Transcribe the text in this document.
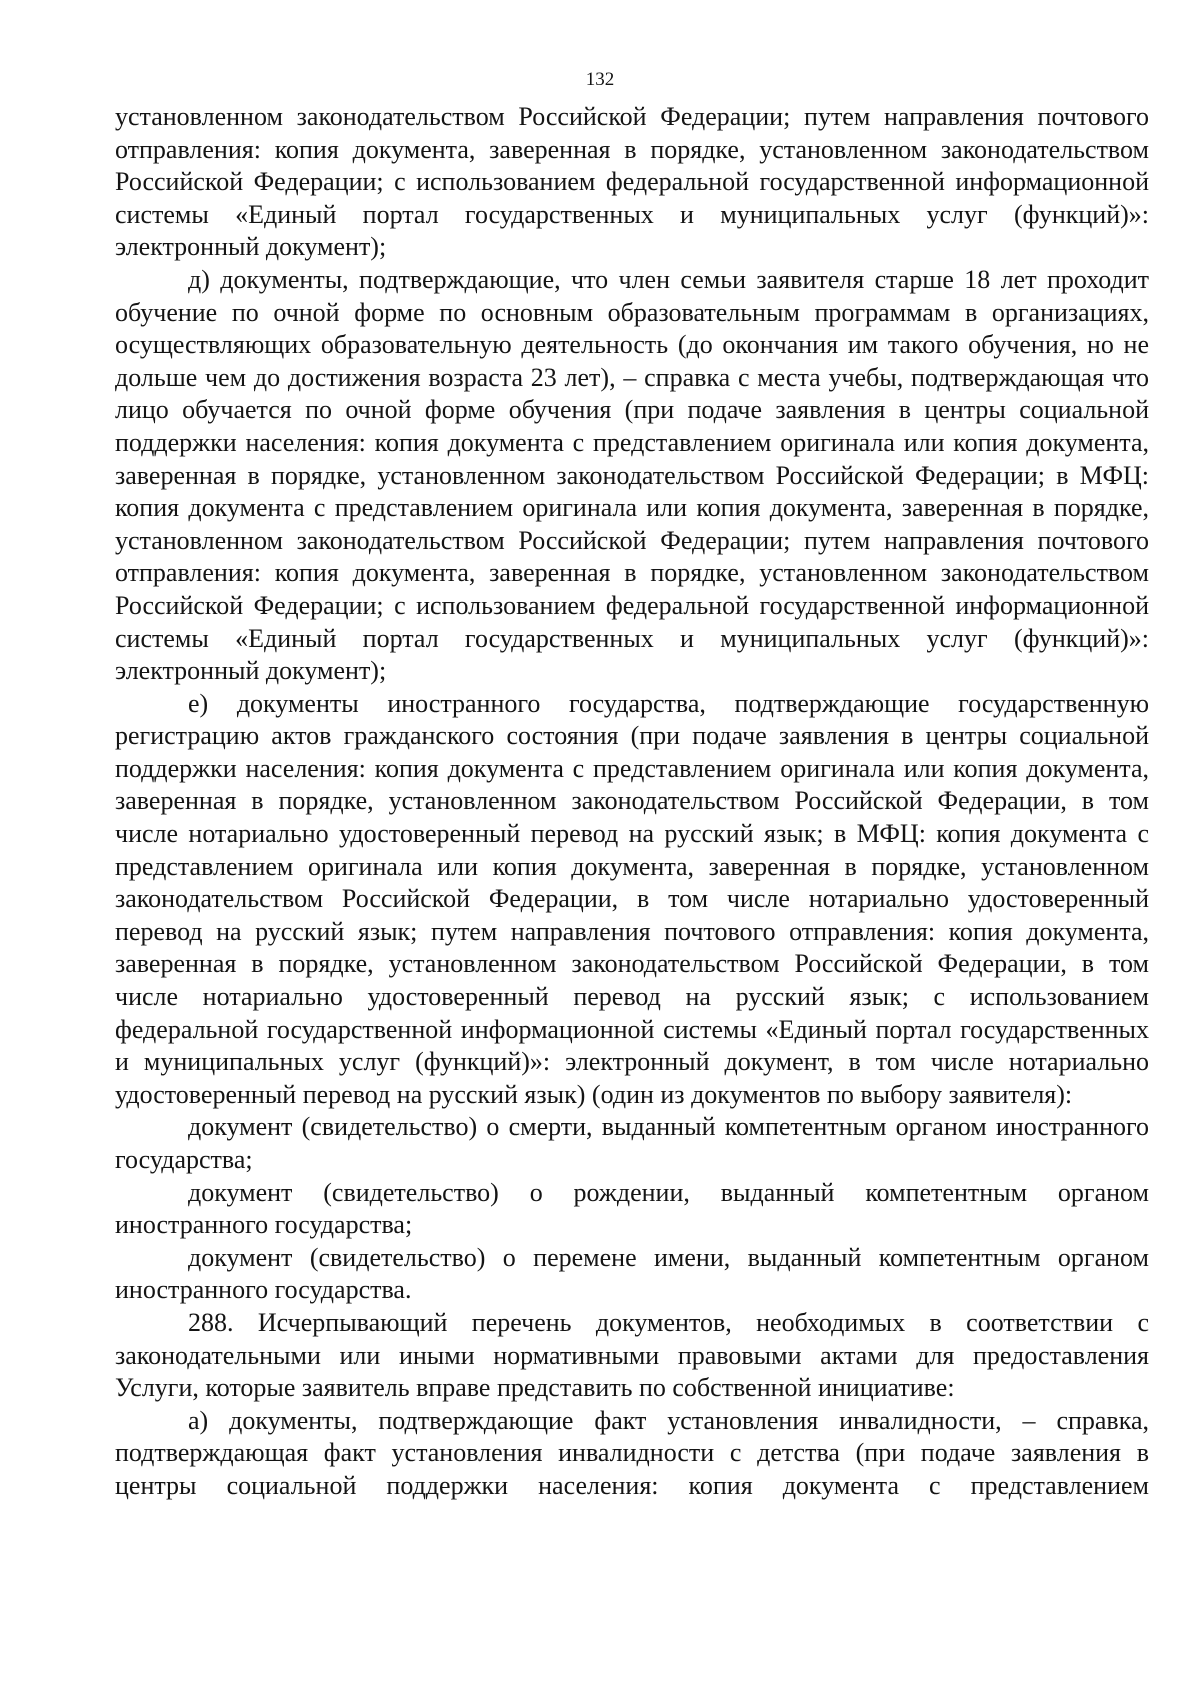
132

установленном законодательством Российской Федерации; путем направления почтового отправления: копия документа, заверенная в порядке, установленном законодательством Российской Федерации; с использованием федеральной государственной информационной системы «Единый портал государственных и муниципальных услуг (функций)»: электронный документ);

д) документы, подтверждающие, что член семьи заявителя старше 18 лет проходит обучение по очной форме по основным образовательным программам в организациях, осуществляющих образовательную деятельность (до окончания им такого обучения, но не дольше чем до достижения возраста 23 лет), – справка с места учебы, подтверждающая что лицо обучается по очной форме обучения (при подаче заявления в центры социальной поддержки населения: копия документа с представлением оригинала или копия документа, заверенная в порядке, установленном законодательством Российской Федерации; в МФЦ: копия документа с представлением оригинала или копия документа, заверенная в порядке, установленном законодательством Российской Федерации; путем направления почтового отправления: копия документа, заверенная в порядке, установленном законодательством Российской Федерации; с использованием федеральной государственной информационной системы «Единый портал государственных и муниципальных услуг (функций)»: электронный документ);

е) документы иностранного государства, подтверждающие государственную регистрацию актов гражданского состояния (при подаче заявления в центры социальной поддержки населения: копия документа с представлением оригинала или копия документа, заверенная в порядке, установленном законодательством Российской Федерации, в том числе нотариально удостоверенный перевод на русский язык; в МФЦ: копия документа с представлением оригинала или копия документа, заверенная в порядке, установленном законодательством Российской Федерации, в том числе нотариально удостоверенный перевод на русский язык; путем направления почтового отправления: копия документа, заверенная в порядке, установленном законодательством Российской Федерации, в том числе нотариально удостоверенный перевод на русский язык; с использованием федеральной государственной информационной системы «Единый портал государственных и муниципальных услуг (функций)»: электронный документ, в том числе нотариально удостоверенный перевод на русский язык) (один из документов по выбору заявителя):

документ (свидетельство) о смерти, выданный компетентным органом иностранного государства;

документ (свидетельство) о рождении, выданный компетентным органом иностранного государства;

документ (свидетельство) о перемене имени, выданный компетентным органом иностранного государства.

288. Исчерпывающий перечень документов, необходимых в соответствии с законодательными или иными нормативными правовыми актами для предоставления Услуги, которые заявитель вправе представить по собственной инициативе:

а) документы, подтверждающие факт установления инвалидности, – справка, подтверждающая факт установления инвалидности с детства (при подаче заявления в центры социальной поддержки населения: копия документа с представлением
